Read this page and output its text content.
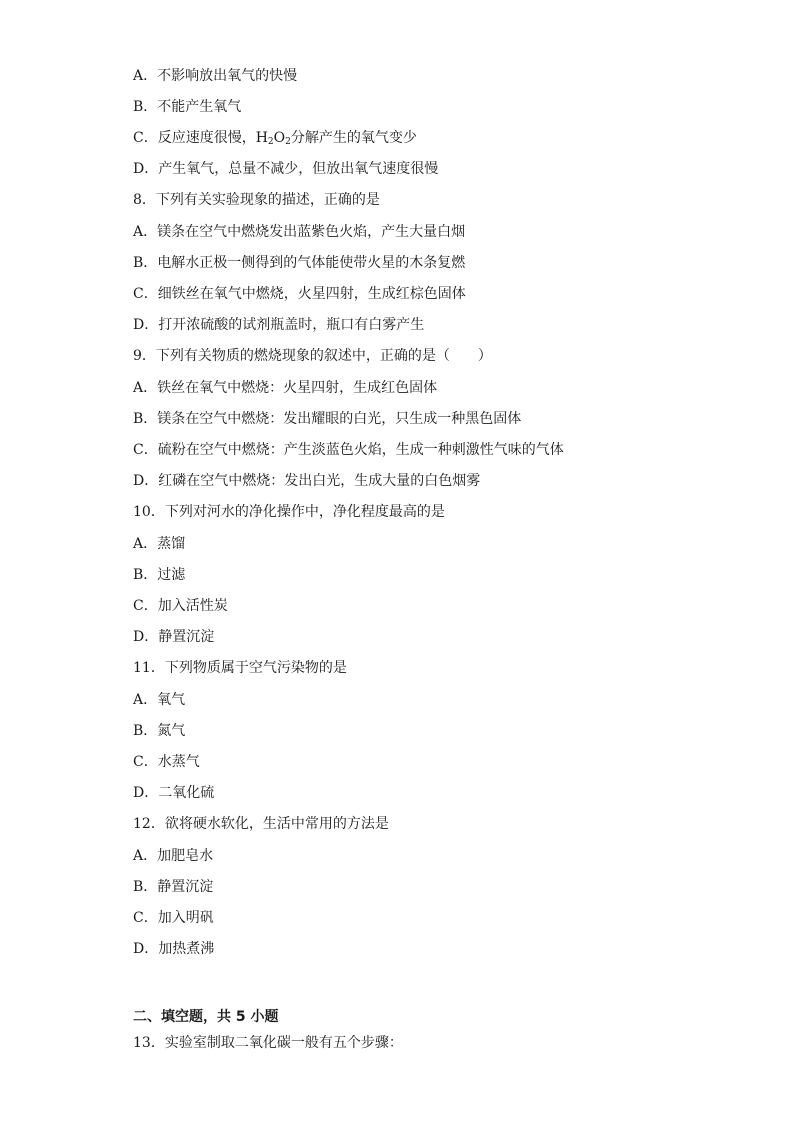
A．不影响放出氧气的快慢
B．不能产生氧气
C．反应速度很慢，$H_2O_2$分解产生的氧气变少
D．产生氧气，总量不减少，但放出氧气速度很慢
8．下列有关实验现象的描述，正确的是
A．镁条在空气中燃烧发出蓝紫色火焰，产生大量白烟
B．电解水正极一侧得到的气体能使带火星的木条复燃
C．细铁丝在氧气中燃烧，火星四射，生成红棕色固体
D．打开浓硫酸的试剂瓶盖时，瓶口有白雾产生
9．下列有关物质的燃烧现象的叙述中，正确的是（　　）
A．铁丝在氧气中燃烧：火星四射，生成红色固体
B．镁条在空气中燃烧：发出耀眼的白光，只生成一种黑色固体
C．硫粉在空气中燃烧：产生淡蓝色火焰，生成一种刺激性气味的气体
D．红磷在空气中燃烧：发出白光，生成大量的白色烟雾
10．下列对河水的净化操作中，净化程度最高的是
A．蒸馏
B．过滤
C．加入活性炭
D．静置沉淀
11．下列物质属于空气污染物的是
A．氧气
B．氮气
C．水蒸气
D．二氧化硫
12．欲将硬水软化，生活中常用的方法是
A．加肥皂水
B．静置沉淀
C．加入明矾
D．加热煮沸
二、填空题，共 5 小题
13．实验室制取二氧化碳一般有五个步骤：
